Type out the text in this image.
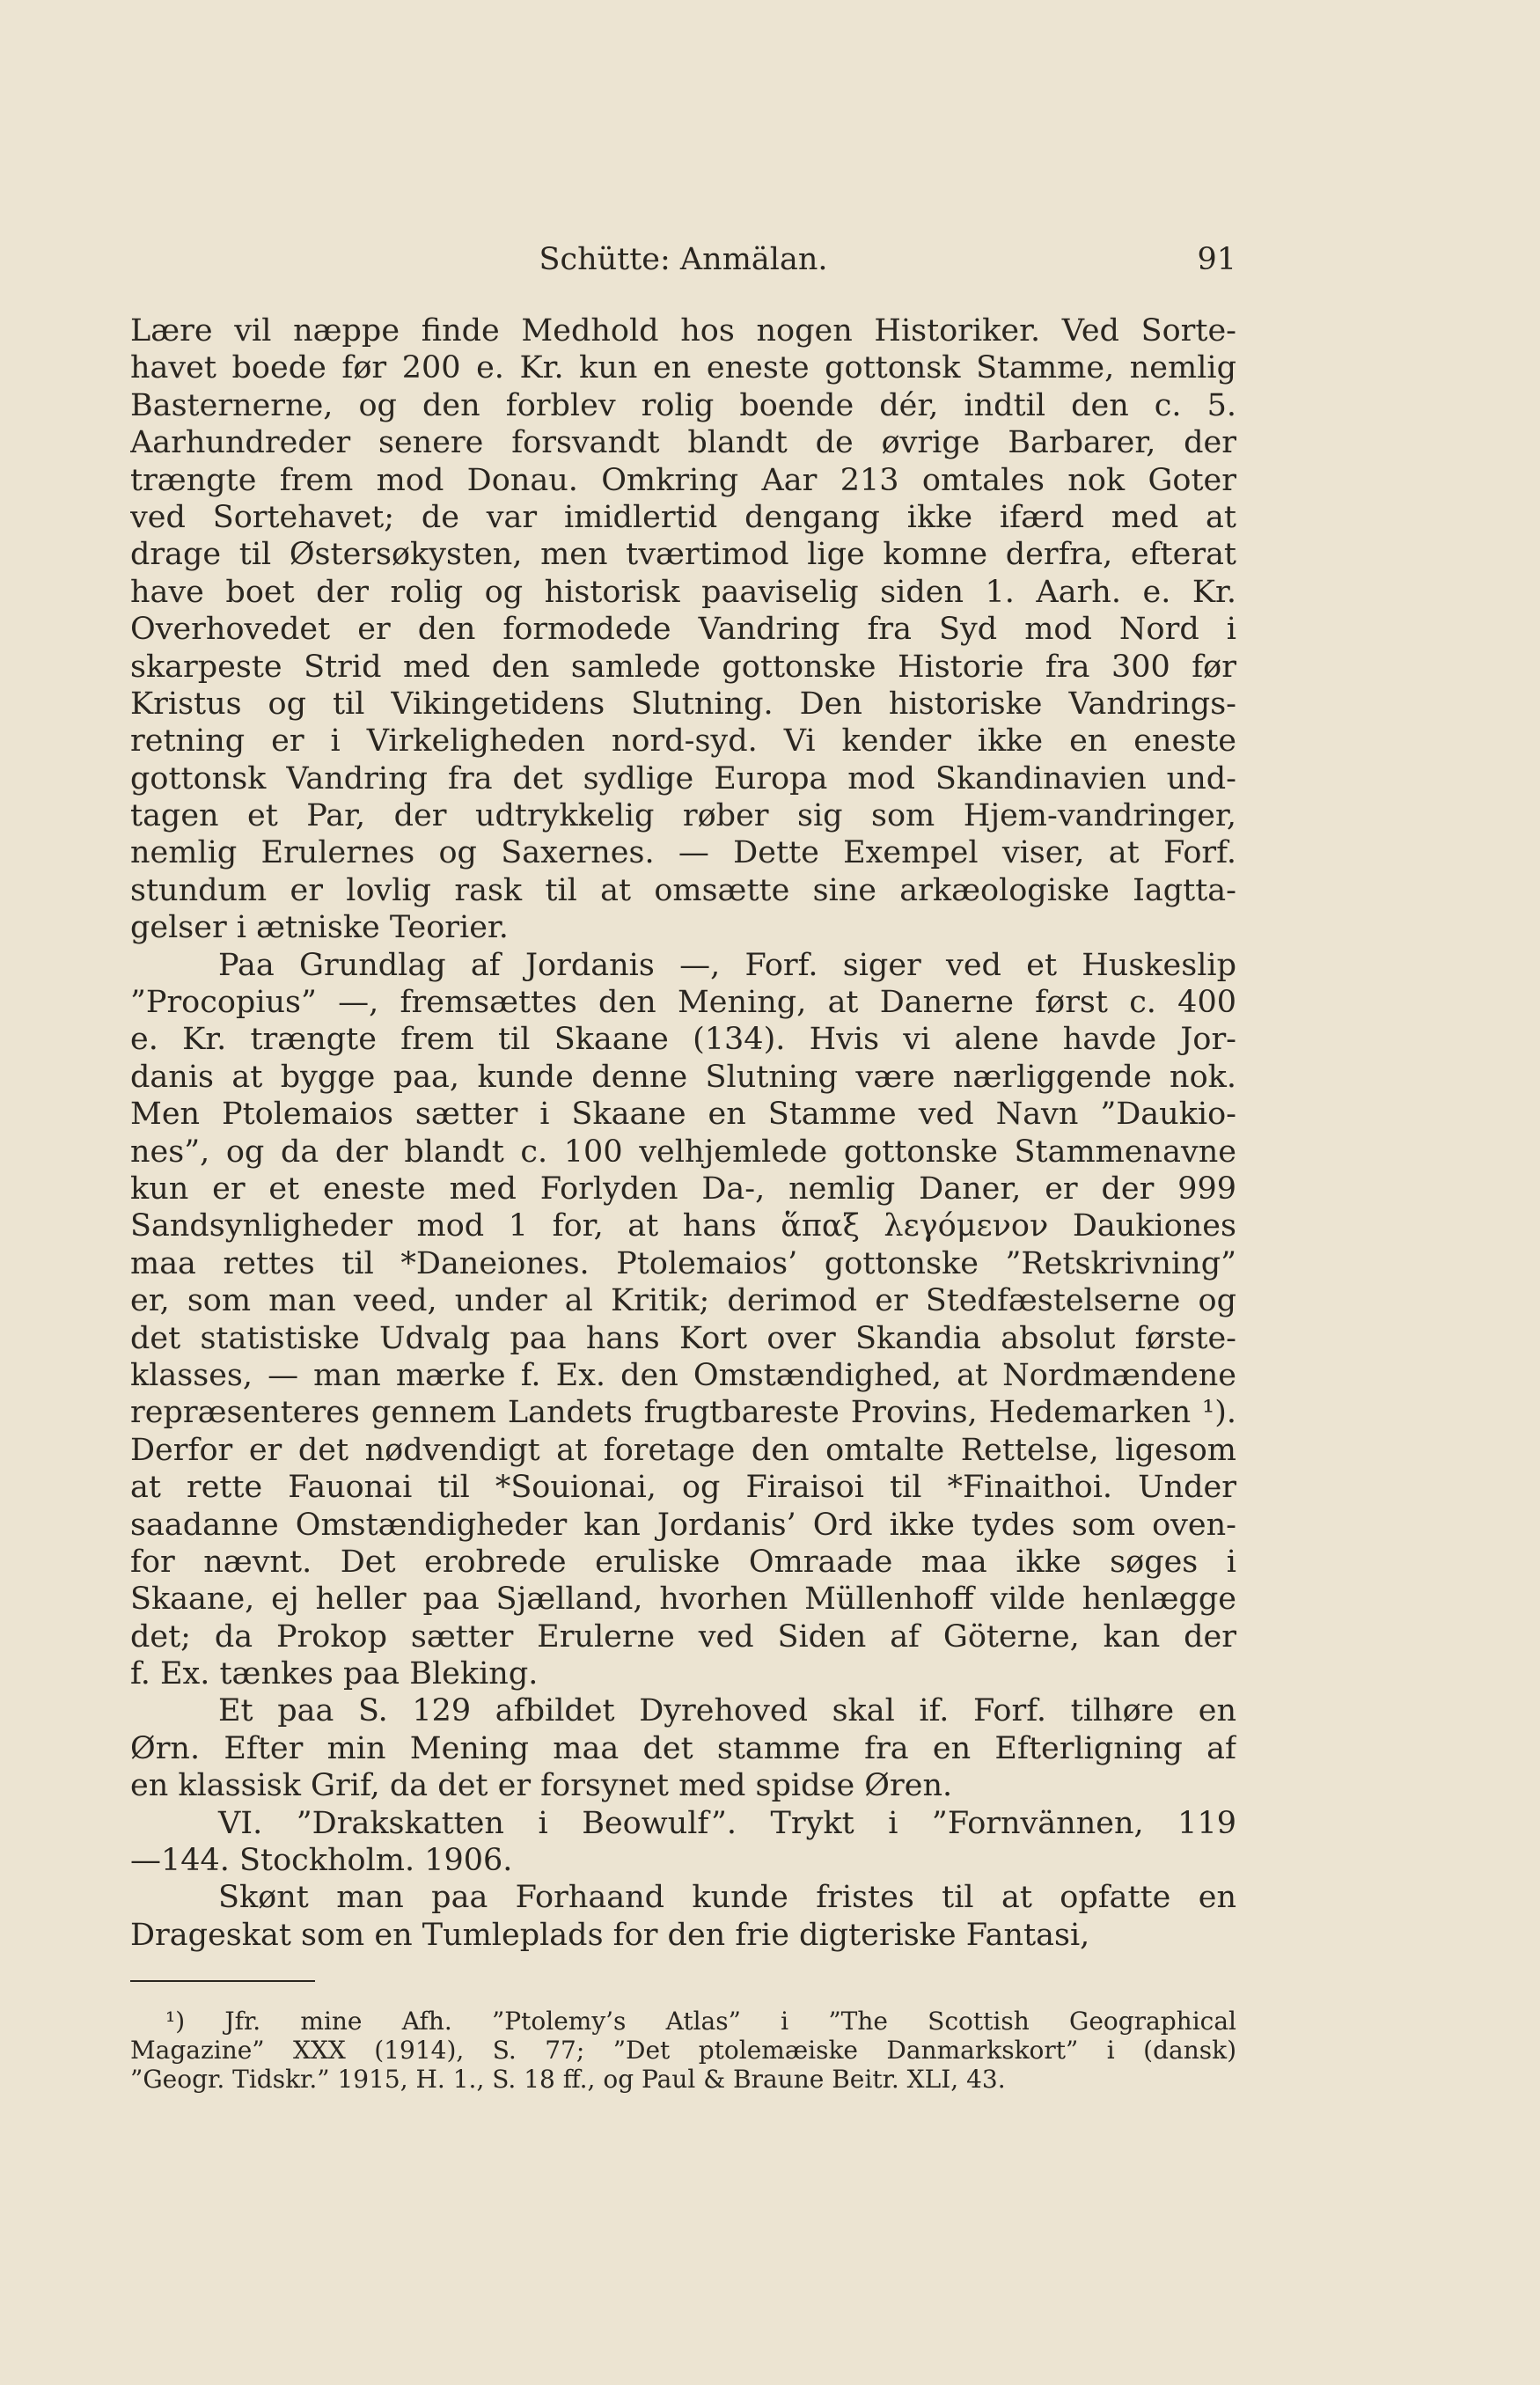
Schütte: Anmälan.	91
Lære vil næppe finde Medhold hos nogen Historiker. Ved Sorte-
havet boede før 200 e. Kr. kun en eneste gottonsk Stamme, nemlig
Basternerne, og den forblev rolig boende dér, indtil den c. 5.
Aarhundreder senere forsvandt blandt de øvrige Barbarer, der
trængte frem mod Donau. Omkring Aar 213 omtales nok Goter
ved Sortehavet; de var imidlertid dengang ikke ifærd med at
drage til Østersøkysten, men tværtimod lige komne derfra, efterat
have boet der rolig og historisk paaviselig siden 1. Aarh. e. Kr.
Overhovedet er den formodede Vandring fra Syd mod Nord i
skarpeste Strid med den samlede gottonske Historie fra 300 før
Kristus og til Vikingetidens Slutning. Den historiske Vandrings-
retning er i Virkeligheden nord-syd. Vi kender ikke en eneste
gottonsk Vandring fra det sydlige Europa mod Skandinavien und-
tagen et Par, der udtrykkelig røber sig som Hjem-vandringer,
nemlig Erulernes og Saxernes. — Dette Exempel viser, at Forf.
stundum er lovlig rask til at omsætte sine arkæologiske Iagtta-
gelser i ætniske Teorier.
Paa Grundlag af Jordanis —, Forf. siger ved et Huskeslip
”Procopius” —, fremsættes den Mening, at Danerne først c. 400
e. Kr. trængte frem til Skaane (134). Hvis vi alene havde Jor-
danis at bygge paa, kunde denne Slutning være nærliggende nok.
Men Ptolemaios sætter i Skaane en Stamme ved Navn ”Daukio-
nes”, og da der blandt c. 100 velhjemlede gottonske Stammenavne
kun er et eneste med Forlyden Da-, nemlig Daner, er der 999
Sandsynligheder mod 1 for, at hans ἅπαξ λεγόμενον Daukiones
maa rettes til *Daneiones. Ptolemaios’ gottonske ”Retskrivning”
er, som man veed, under al Kritik; derimod er Stedfæstelserne og
det statistiske Udvalg paa hans Kort over Skandia absolut første-
klasses, — man mærke f. Ex. den Omstændighed, at Nordmændene
repræsenteres gennem Landets frugtbareste Provins, Hedemarken ¹).
Derfor er det nødvendigt at foretage den omtalte Rettelse, ligesom
at rette Fauonai til *Souionai, og Firaisoi til *Finaithoi. Under
saadanne Omstændigheder kan Jordanis’ Ord ikke tydes som oven-
for nævnt. Det erobrede eruliske Omraade maa ikke søges i
Skaane, ej heller paa Sjælland, hvorhen Müllenhoff vilde henlægge
det; da Prokop sætter Erulerne ved Siden af Göterne, kan der
f. Ex. tænkes paa Bleking.
Et paa S. 129 afbildet Dyrehoved skal if. Forf. tilhøre en
Ørn. Efter min Mening maa det stamme fra en Efterligning af
en klassisk Grif, da det er forsynet med spidse Øren.
VI. ”Drakskatten i Beowulf”. Trykt i ”Fornvännen, 119
—144. Stockholm. 1906.
Skønt man paa Forhaand kunde fristes til at opfatte en
Drageskat som en Tumleplads for den frie digteriske Fantasi,
¹) Jfr. mine Afh. ”Ptolemy’s Atlas” i ”The Scottish Geographical
Magazine” XXX (1914), S. 77; ”Det ptolemæiske Danmarkskort” i (dansk)
”Geogr. Tidskr.” 1915, H. 1., S. 18 ff., og Paul & Braune Beitr. XLI, 43.
